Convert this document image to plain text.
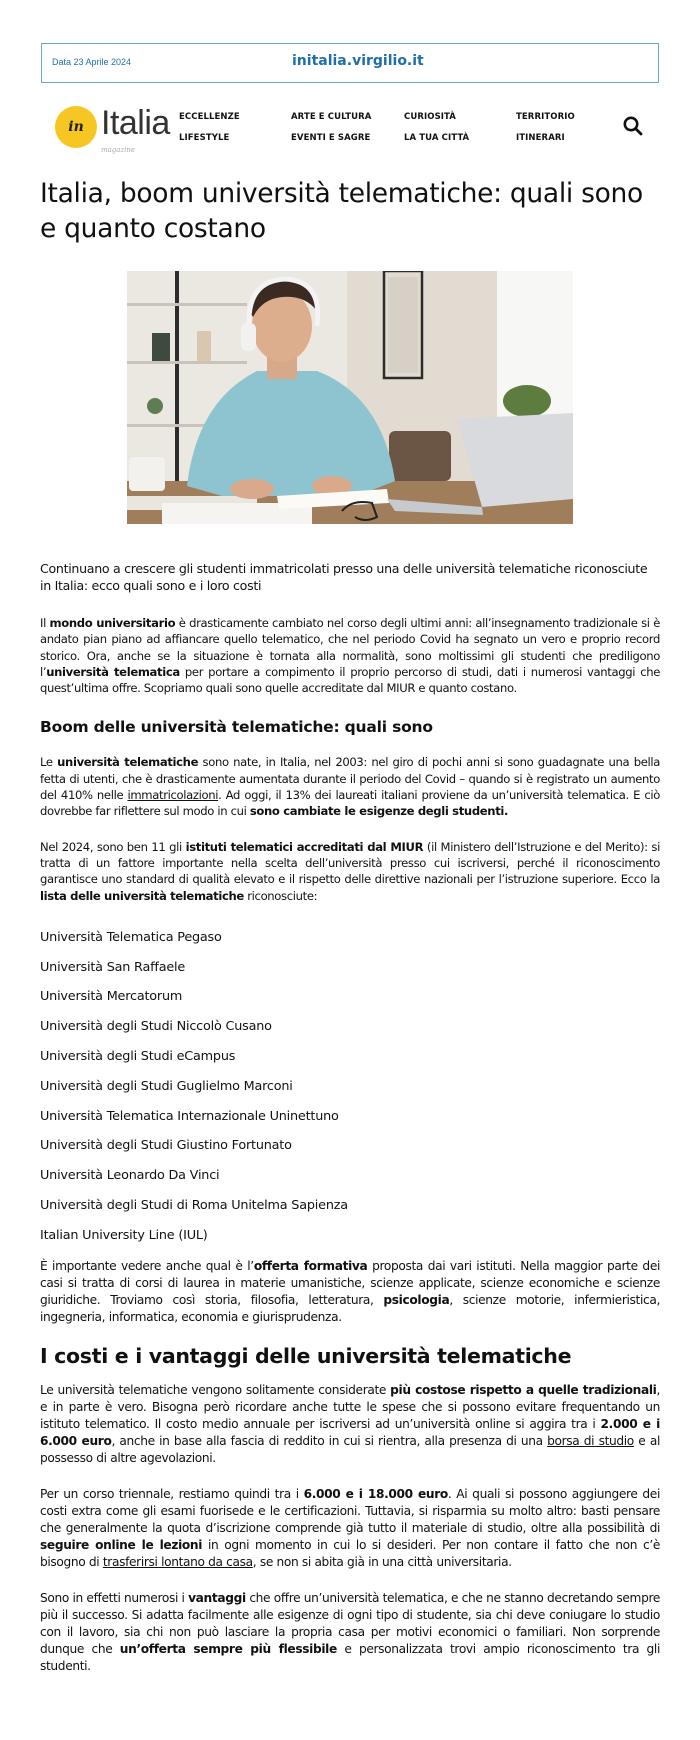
Data 23 Aprile 2024	initalia.virgilio.it
in Italia
magazine
ECCELLENZE
LIFESTYLE
ARTE E CULTURA
EVENTI E SAGRE
CURIOSITÀ
LA TUA CITTÀ
TERRITORIO
ITINERARI
Italia, boom università telematiche: quali sono e quanto costano

Continuano a crescere gli studenti immatricolati presso una delle università telematiche riconosciute in Italia: ecco quali sono e i loro costi

Il mondo universitario è drasticamente cambiato nel corso degli ultimi anni: all’insegnamento tradizionale si è andato pian piano ad affiancare quello telematico, che nel periodo Covid ha segnato un vero e proprio record storico. Ora, anche se la situazione è tornata alla normalità, sono moltissimi gli studenti che prediligono l’università telematica per portare a compimento il proprio percorso di studi, dati i numerosi vantaggi che quest’ultima offre. Scopriamo quali sono quelle accreditate dal MIUR e quanto costano.

Boom delle università telematiche: quali sono

Le università telematiche sono nate, in Italia, nel 2003: nel giro di pochi anni si sono guadagnate una bella fetta di utenti, che è drasticamente aumentata durante il periodo del Covid – quando si è registrato un aumento del 410% nelle immatricolazioni. Ad oggi, il 13% dei laureati italiani proviene da un’università telematica. E ciò dovrebbe far riflettere sul modo in cui sono cambiate le esigenze degli studenti.

Nel 2024, sono ben 11 gli istituti telematici accreditati dal MIUR (il Ministero dell’Istruzione e del Merito): si tratta di un fattore importante nella scelta dell’università presso cui iscriversi, perché il riconoscimento garantisce uno standard di qualità elevato e il rispetto delle direttive nazionali per l’istruzione superiore. Ecco la lista delle università telematiche riconosciute:

Università Telematica Pegaso
Università San Raffaele
Università Mercatorum
Università degli Studi Niccolò Cusano
Università degli Studi eCampus
Università degli Studi Guglielmo Marconi
Università Telematica Internazionale Uninettuno
Università degli Studi Giustino Fortunato
Università Leonardo Da Vinci
Università degli Studi di Roma Unitelma Sapienza
Italian University Line (IUL)

È importante vedere anche qual è l’offerta formativa proposta dai vari istituti. Nella maggior parte dei casi si tratta di corsi di laurea in materie umanistiche, scienze applicate, scienze economiche e scienze giuridiche. Troviamo così storia, filosofia, letteratura, psicologia, scienze motorie, infermieristica, ingegneria, informatica, economia e giurisprudenza.

I costi e i vantaggi delle università telematiche

Le università telematiche vengono solitamente considerate più costose rispetto a quelle tradizionali, e in parte è vero. Bisogna però ricordare anche tutte le spese che si possono evitare frequentando un istituto telematico. Il costo medio annuale per iscriversi ad un’università online si aggira tra i 2.000 e i 6.000 euro, anche in base alla fascia di reddito in cui si rientra, alla presenza di una borsa di studio e al possesso di altre agevolazioni.

Per un corso triennale, restiamo quindi tra i 6.000 e i 18.000 euro. Ai quali si possono aggiungere dei costi extra come gli esami fuorisede e le certificazioni. Tuttavia, si risparmia su molto altro: basti pensare che generalmente la quota d’iscrizione comprende già tutto il materiale di studio, oltre alla possibilità di seguire online le lezioni in ogni momento in cui lo si desideri. Per non contare il fatto che non c’è bisogno di trasferirsi lontano da casa, se non si abita già in una città universitaria.

Sono in effetti numerosi i vantaggi che offre un’università telematica, e che ne stanno decretando sempre più il successo. Si adatta facilmente alle esigenze di ogni tipo di studente, sia chi deve coniugare lo studio con il lavoro, sia chi non può lasciare la propria casa per motivi economici o familiari. Non sorprende dunque che un’offerta sempre più flessibile e personalizzata trovi ampio riconoscimento tra gli studenti.
